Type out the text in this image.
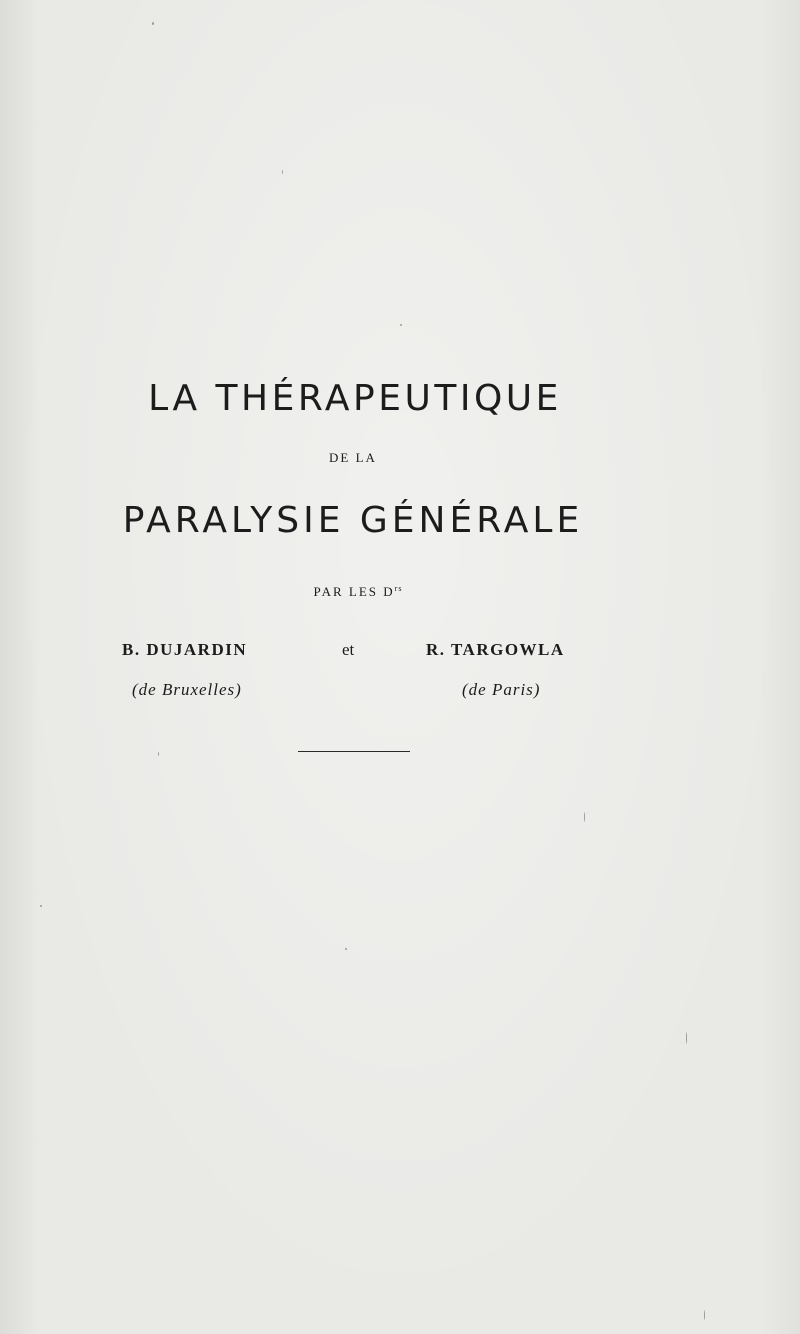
LA THÉRAPEUTIQUE
DE LA
PARALYSIE GÉNÉRALE
PAR LES $D^{rs}$
B. DUJARDIN	et	R. TARGOWLA
(de Bruxelles)	(de Paris)
